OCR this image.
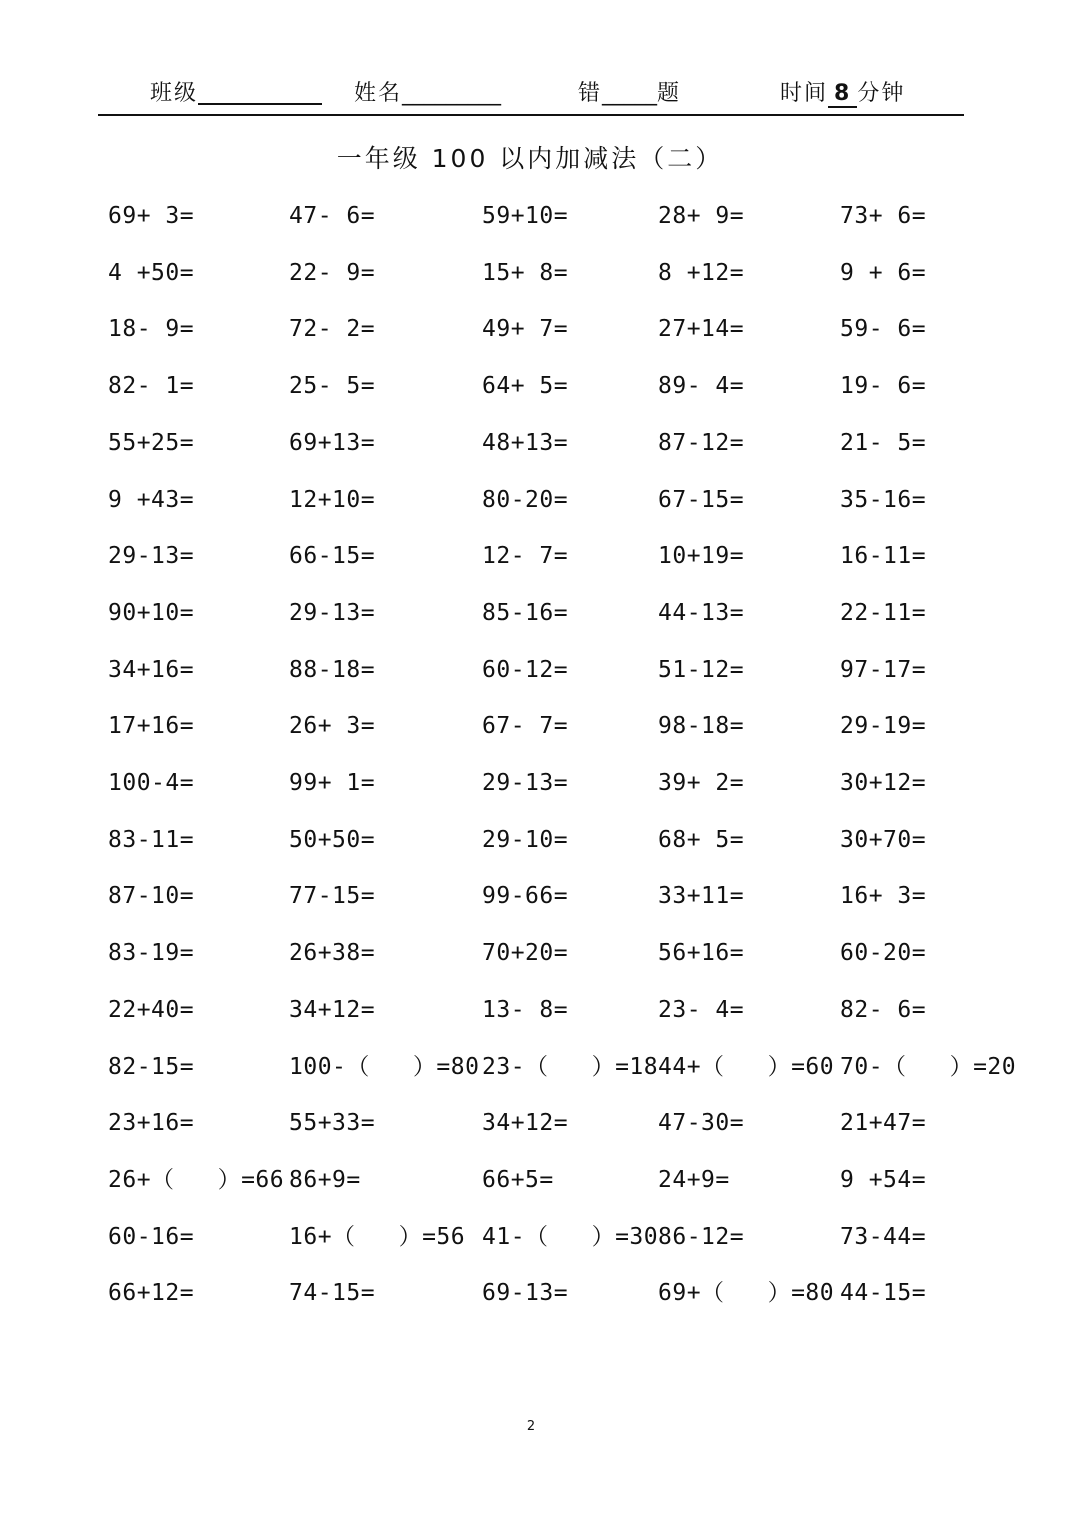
班级	姓名_________	错_____题	时间 8 分钟
一年级 100 以内加减法（二）
69+ 3=	47- 6=	59+10=	28+ 9=	73+ 6=
4 +50=	22- 9=	15+ 8=	8 +12=	9 + 6=
18- 9=	72- 2=	49+ 7=	27+14=	59- 6=
82- 1=	25- 5=	64+ 5=	89- 4=	19- 6=
55+25=	69+13=	48+13=	87-12=	21- 5=
9 +43=	12+10=	80-20=	67-15=	35-16=
29-13=	66-15=	12- 7=	10+19=	16-11=
90+10=	29-13=	85-16=	44-13=	22-11=
34+16=	88-18=	60-12=	51-12=	97-17=
17+16=	26+ 3=	67- 7=	98-18=	29-19=
100-4=	99+ 1=	29-13=	39+ 2=	30+12=
83-11=	50+50=	29-10=	68+ 5=	30+70=
87-10=	77-15=	99-66=	33+11=	16+ 3=
83-19=	26+38=	70+20=	56+16=	60-20=
22+40=	34+12=	13- 8=	23- 4=	82- 6=
82-15=	100-（   ）=80 23-（   ）=18 44+（   ）=60 70-（   ）=20
23+16=	55+33=	34+12=	47-30=	21+47=
26+（   ）=66 86+9=	66+5=	24+9=	9 +54=
60-16=	16+（   ）=56 41-（   ）=30 86-12=	73-44=
66+12=	74-15=	69-13=	69+（   ）=80 44-15=
2
